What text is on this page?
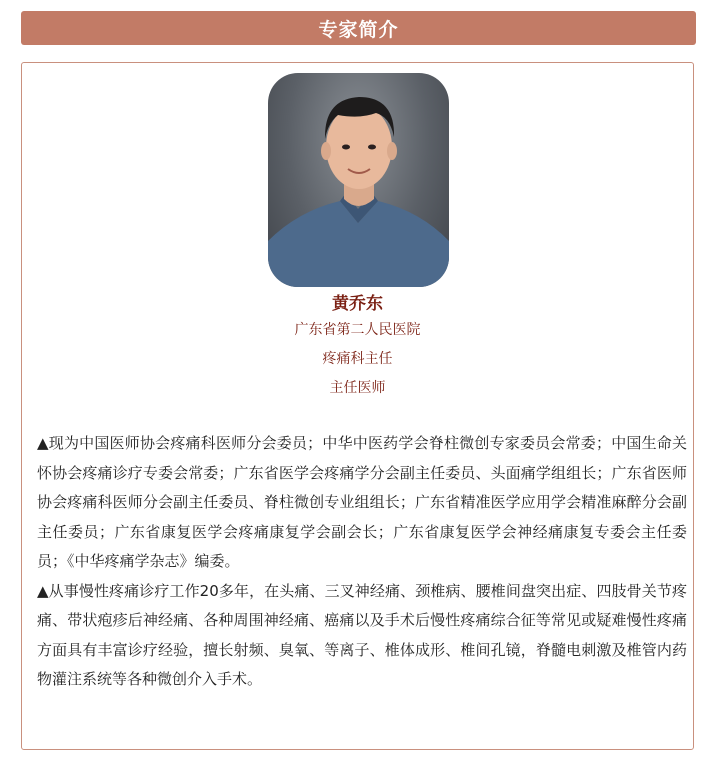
专家简介
黄乔东
广东省第二人民医院
疼痛科主任
主任医师

▲现为中国医师协会疼痛科医师分会委员；中华中医药学会脊柱微创专家委员会常委；中国生命关怀协会疼痛诊疗专委会常委；广东省医学会疼痛学分会副主任委员、头面痛学组组长；广东省医师协会疼痛科医师分会副主任委员、脊柱微创专业组组长；广东省精准医学应用学会精准麻醉分会副主任委员；广东省康复医学会疼痛康复学会副会长；广东省康复医学会神经痛康复专委会主任委员；《中华疼痛学杂志》编委。

▲从事慢性疼痛诊疗工作20多年，在头痛、三叉神经痛、颈椎病、腰椎间盘突出症、四肢骨关节疼痛、带状疱疹后神经痛、各种周围神经痛、癌痛以及手术后慢性疼痛综合征等常见或疑难慢性疼痛方面具有丰富诊疗经验，擅长射频、臭氧、等离子、椎体成形、椎间孔镜，脊髓电刺激及椎管内药物灌注系统等各种微创介入手术。
